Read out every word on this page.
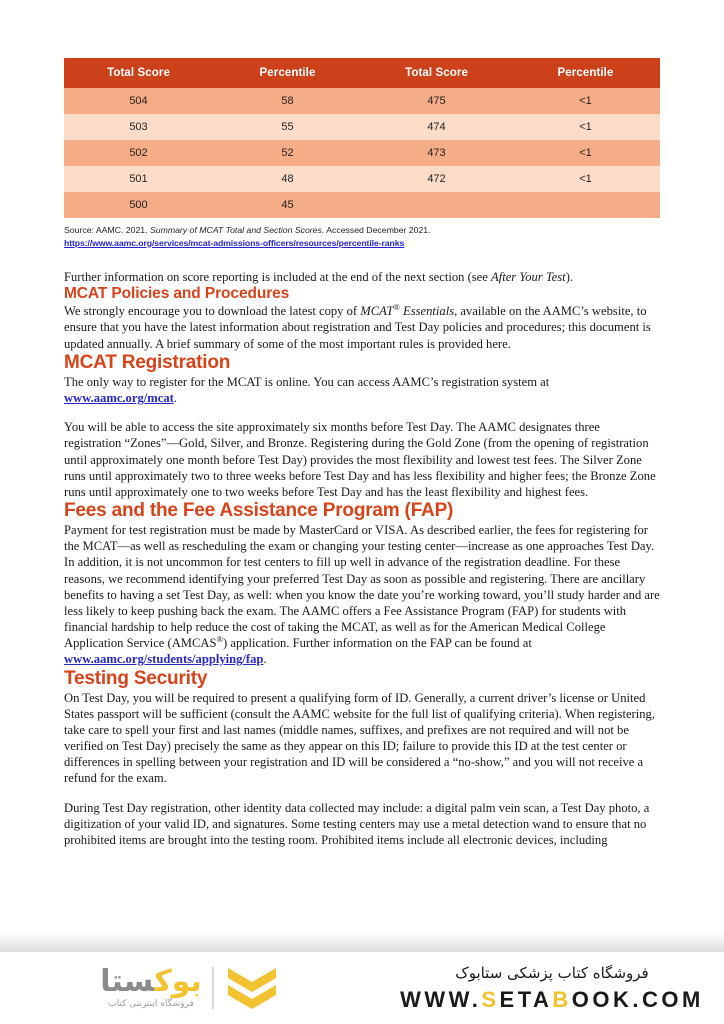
Total Score	Percentile	Total Score	Percentile
504	58	475	<1
503	55	474	<1
502	52	473	<1
501	48	472	<1
500	45		
Source: AAMC. 2021. Summary of MCAT Total and Section Scores. Accessed December 2021.
https://www.aamc.org/services/mcat-admissions-officers/resources/percentile-ranks

Further information on score reporting is included at the end of the next section (see After Your Test).

MCAT Policies and Procedures

We strongly encourage you to download the latest copy of MCAT® Essentials, available on the AAMC’s website, to ensure that you have the latest information about registration and Test Day policies and procedures; this document is updated annually. A brief summary of some of the most important rules is provided here.

MCAT Registration

The only way to register for the MCAT is online. You can access AAMC’s registration system at www.aamc.org/mcat.

You will be able to access the site approximately six months before Test Day. The AAMC designates three registration “Zones”—Gold, Silver, and Bronze. Registering during the Gold Zone (from the opening of registration until approximately one month before Test Day) provides the most flexibility and lowest test fees. The Silver Zone runs until approximately two to three weeks before Test Day and has less flexibility and higher fees; the Bronze Zone runs until approximately one to two weeks before Test Day and has the least flexibility and highest fees.

Fees and the Fee Assistance Program (FAP)

Payment for test registration must be made by MasterCard or VISA. As described earlier, the fees for registering for the MCAT—as well as rescheduling the exam or changing your testing center—increase as one approaches Test Day. In addition, it is not uncommon for test centers to fill up well in advance of the registration deadline. For these reasons, we recommend identifying your preferred Test Day as soon as possible and registering. There are ancillary benefits to having a set Test Day, as well: when you know the date you’re working toward, you’ll study harder and are less likely to keep pushing back the exam. The AAMC offers a Fee Assistance Program (FAP) for students with financial hardship to help reduce the cost of taking the MCAT, as well as for the American Medical College Application Service (AMCAS®) application. Further information on the FAP can be found at www.aamc.org/students/applying/fap.

Testing Security

On Test Day, you will be required to present a qualifying form of ID. Generally, a current driver’s license or United States passport will be sufficient (consult the AAMC website for the full list of qualifying criteria). When registering, take care to spell your first and last names (middle names, suffixes, and prefixes are not required and will not be verified on Test Day) precisely the same as they appear on this ID; failure to provide this ID at the test center or differences in spelling between your registration and ID will be considered a “no-show,” and you will not receive a refund for the exam.

During Test Day registration, other identity data collected may include: a digital palm vein scan, a Test Day photo, a digitization of your valid ID, and signatures. Some testing centers may use a metal detection wand to ensure that no prohibited items are brought into the testing room. Prohibited items include all electronic devices, including

بوکستا
فروشگاه اینترنتی کتاب
فروشگاه کتاب پزشکی ستابوک
WWW.SETABOOK.COM
